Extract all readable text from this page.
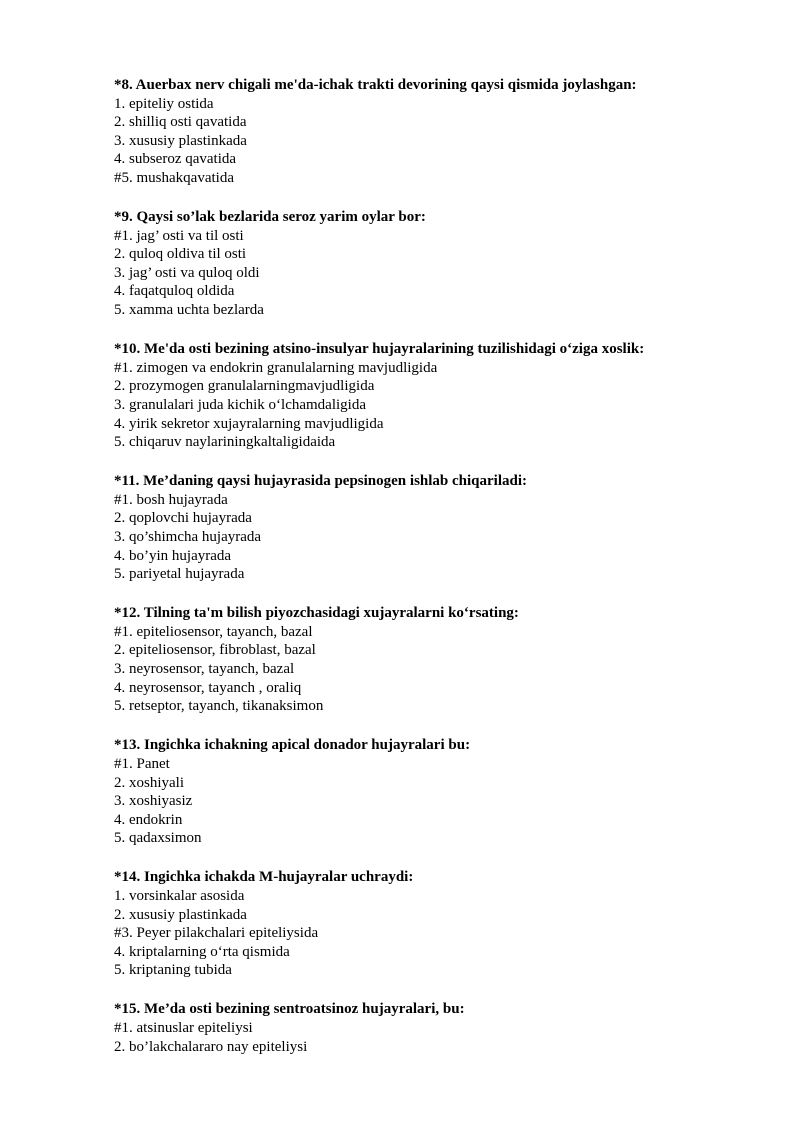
*8. Auerbax nerv chigali me'da-ichak trakti devorining qaysi qismida joylashgan:

1. epiteliy ostida

2. shilliq osti qavatida

3. xususiy plastinkada

4. subseroz qavatida

#5. mushakqavatida

*9. Qaysi so’lak bezlarida seroz yarim oylar bor:

#1. jag’ osti va til osti

2. quloq oldiva til osti

3. jag’ osti va quloq oldi

4. faqatquloq oldida

5. xamma uchta bezlarda

*10. Me'da osti bezining atsino-insulyar hujayralarining tuzilishidagi o‘ziga xoslik:

#1. zimogen va endokrin granulalarning mavjudligida

2. prozymogen granulalarningmavjudligida

3. granulalari juda kichik o‘lchamdaligida

4. yirik sekretor xujayralarning mavjudligida

5. chiqaruv naylariningkaltaligidaida

*11. Me’daning qaysi hujayrasida pepsinogen ishlab chiqariladi:

#1. bosh hujayrada

2. qoplovchi hujayrada

3. qo’shimcha hujayrada

4. bo’yin hujayrada

5. pariyetal hujayrada

*12. Tilning ta'm bilish piyozchasidagi xujayralarni ko‘rsating:

#1. epiteliosensor, tayanch, bazal

2. epiteliosensor, fibroblast, bazal

3. neyrosensor, tayanch, bazal

4. neyrosensor, tayanch , oraliq

5. retseptor, tayanch, tikanaksimon

*13. Ingichka ichakning apical donador hujayralari bu:

#1. Panet

2. xoshiyali

3. xoshiyasiz

4. endokrin

5. qadaxsimon

*14. Ingichka ichakda M-hujayralar uchraydi:

1. vorsinkalar asosida

2. xususiy plastinkada

#3. Peyer pilakchalari epiteliysida

4. kriptalarning o‘rta qismida

5. kriptaning tubida

*15. Me’da osti bezining sentroatsinoz hujayralari, bu:

#1. atsinuslar epiteliysi

2. bo’lakchalararo nay epiteliysi
